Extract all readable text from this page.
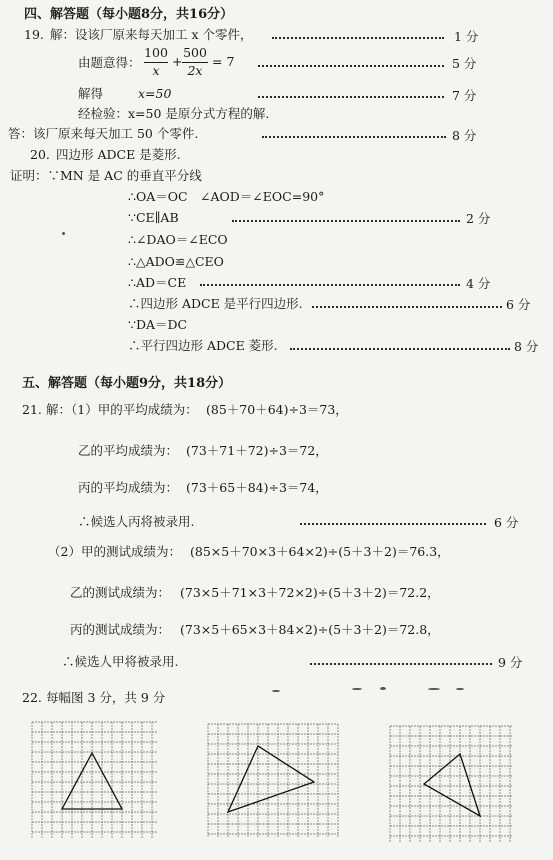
四、解答题（每小题8分，共16分）
19. 解：设该厂原来每天加工 x 个零件，	1 分
由题意得：
100
x
+
500
2x
= 7	5 分
解得	x=50	7 分
经检验：x=50 是原分式方程的解.
答：该厂原来每天加工 50 个零件.	8 分
20. 四边形 ADCE 是菱形.
证明：∵MN 是 AC 的垂直平分线
∴OA＝OC　∠AOD＝∠EOC=90°
∵CE∥AB	2 分
∴∠DAO＝∠ECO
∴△ADO≌△CEO
∴AD＝CE	4 分
∴四边形 ADCE 是平行四边形.	6 分
∵DA＝DC
∴平行四边形 ADCE 菱形.	8 分
五、解答题（每小题9分，共18分）
21. 解：（1）甲的平均成绩为： (85＋70＋64)÷3＝73，
乙的平均成绩为： (73＋71＋72)÷3＝72，
丙的平均成绩为： (73＋65＋84)÷3＝74，
∴候选人丙将被录用.	6 分
（2）甲的测试成绩为： (85×5＋70×3＋64×2)÷(5＋3＋2)＝76.3，
乙的测试成绩为： (73×5＋71×3＋72×2)÷(5＋3＋2)＝72.2，
丙的测试成绩为： (73×5＋65×3＋84×2)÷(5＋3＋2)＝72.8，
∴候选人甲将被录用.	9 分
22. 每幅图 3 分，共 9 分
